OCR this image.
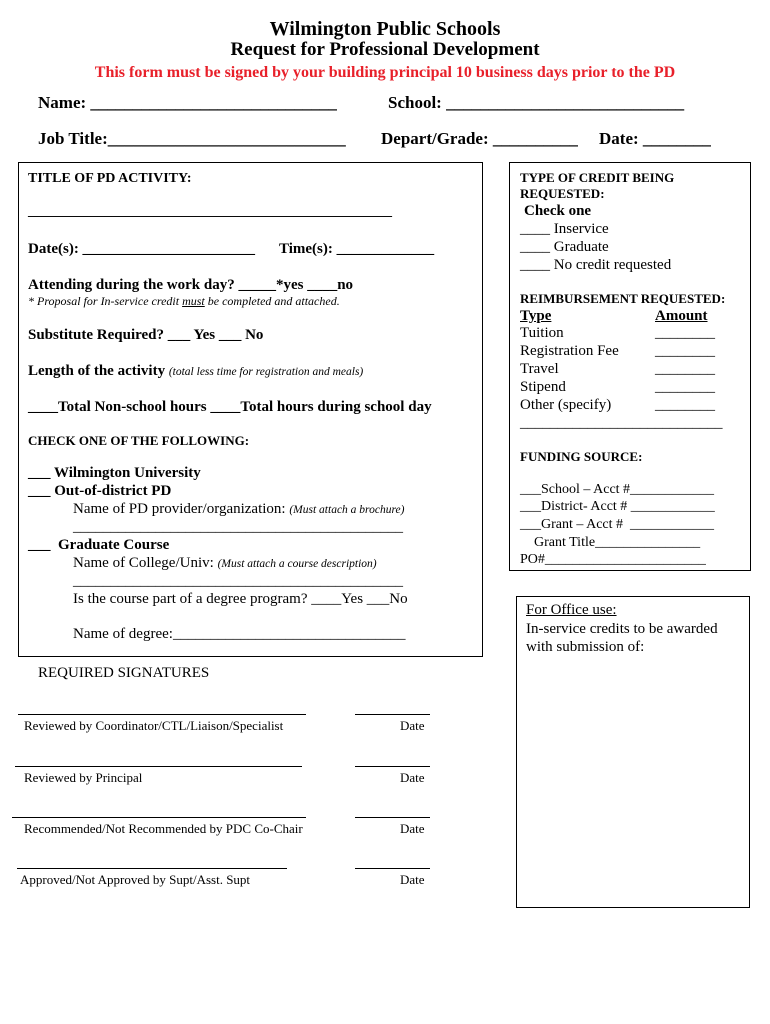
Wilmington Public Schools
Request for Professional Development
This form must be signed by your building principal 10 business days prior to the PD
Name: _____________________________	School: ____________________________
Job Title:____________________________ Depart/Grade: __________ Date: ________
TITLE OF PD ACTIVITY:
____________________________________________________
Date(s): _______________________ Time(s): _____________
Attending during the work day? _____*yes ____no
* Proposal for In-service credit must be completed and attached.
Substitute Required? ___ Yes ___ No
Length of the activity (total less time for registration and meals)
____Total Non-school hours ____Total hours during school day
CHECK ONE OF THE FOLLOWING:
___ Wilmington University
___ Out-of-district PD
Name of PD provider/organization: (Must attach a brochure)
____________________________________________
___  Graduate Course
Name of College/Univ: (Must attach a course description)
____________________________________________
Is the course part of a degree program? ____Yes ___No
Name of degree:_______________________________
TYPE OF CREDIT BEING
REQUESTED:
Check one
____ Inservice
____ Graduate
____ No credit requested
REIMBURSEMENT REQUESTED:
Type	Amount
Tuition	________
Registration Fee ________
Travel	________
Stipend	________
Other (specify)	________
___________________________
FUNDING SOURCE:
___School – Acct #____________
___District- Acct # ____________
___Grant – Acct #  ____________
Grant Title_______________
PO#_______________________
For Office use:
In-service credits to be awarded
with submission of:
REQUIRED SIGNATURES
Reviewed by Coordinator/CTL/Liaison/Specialist	Date
Reviewed by Principal	Date
Recommended/Not Recommended by PDC Co-Chair	Date
Approved/Not Approved by Supt/Asst. Supt	Date
